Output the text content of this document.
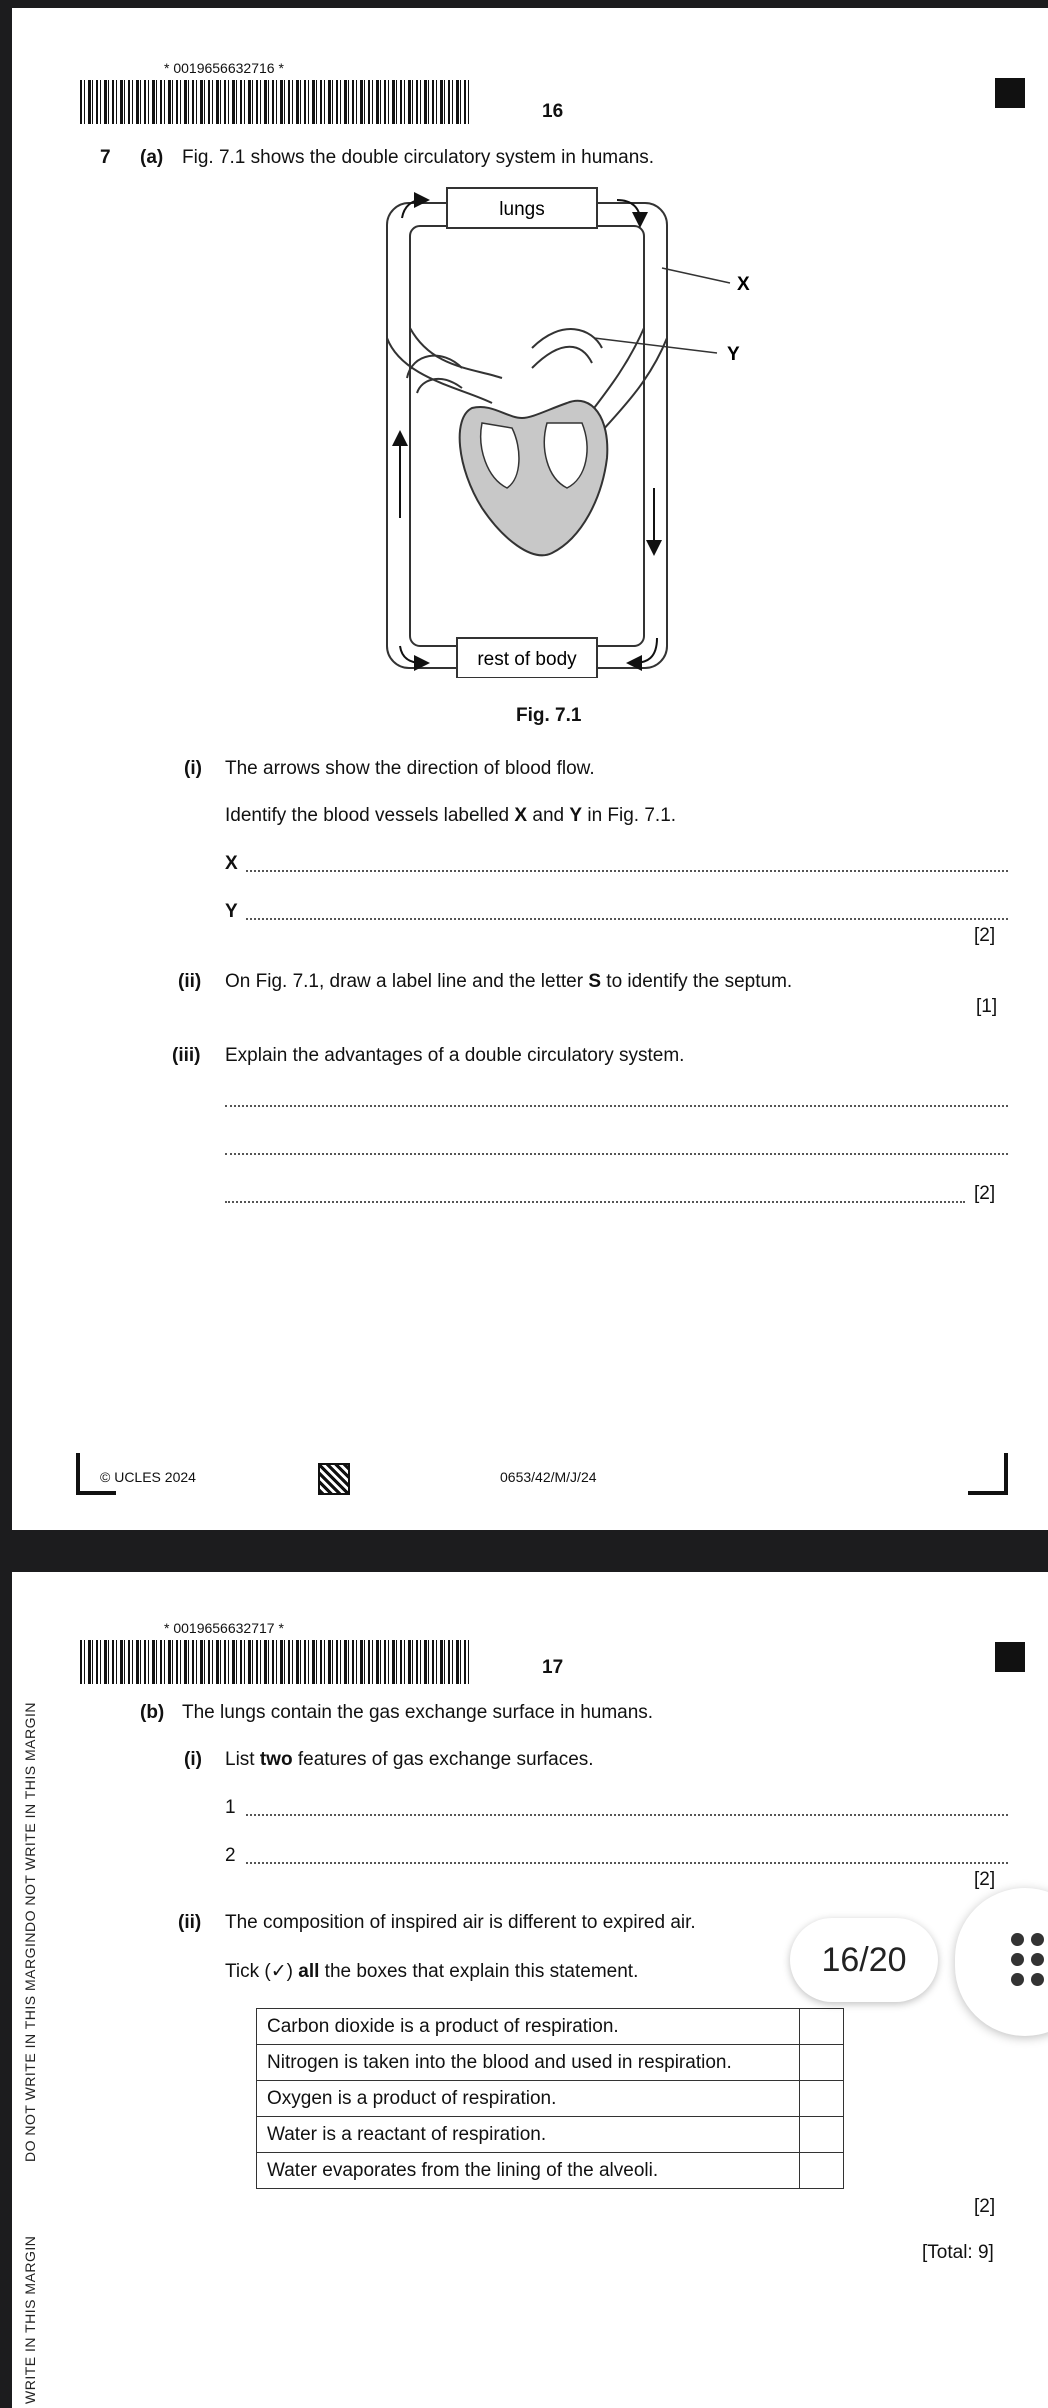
* 0019656632716 *
16
7 (a) Fig. 7.1 shows the double circulatory system in humans.
lungs
rest of body
X
Y
Fig. 7.1
(i) The arrows show the direction of blood flow.
Identify the blood vessels labelled X and Y in Fig. 7.1.
X
Y
[2]
(ii) On Fig. 7.1, draw a label line and the letter S to identify the septum.
[1]
(iii) Explain the advantages of a double circulatory system.
[2]
© UCLES 2024	0653/42/M/J/24
* 0019656632717 *
17
(b) The lungs contain the gas exchange surface in humans.
(i) List two features of gas exchange surfaces.
1
2
[2]
(ii) The composition of inspired air is different to expired air.
Tick (✓) all the boxes that explain this statement.
Carbon dioxide is a product of respiration.	
Nitrogen is taken into the blood and used in respiration.	
Oxygen is a product of respiration.	
Water is a reactant of respiration.	
Water evaporates from the lining of the alveoli.	
[2]
[Total: 9]
DO NOT WRITE IN THIS MARGIN
DO NOT WRITE IN THIS MARGIN
WRITE IN THIS MARGIN
16/20
